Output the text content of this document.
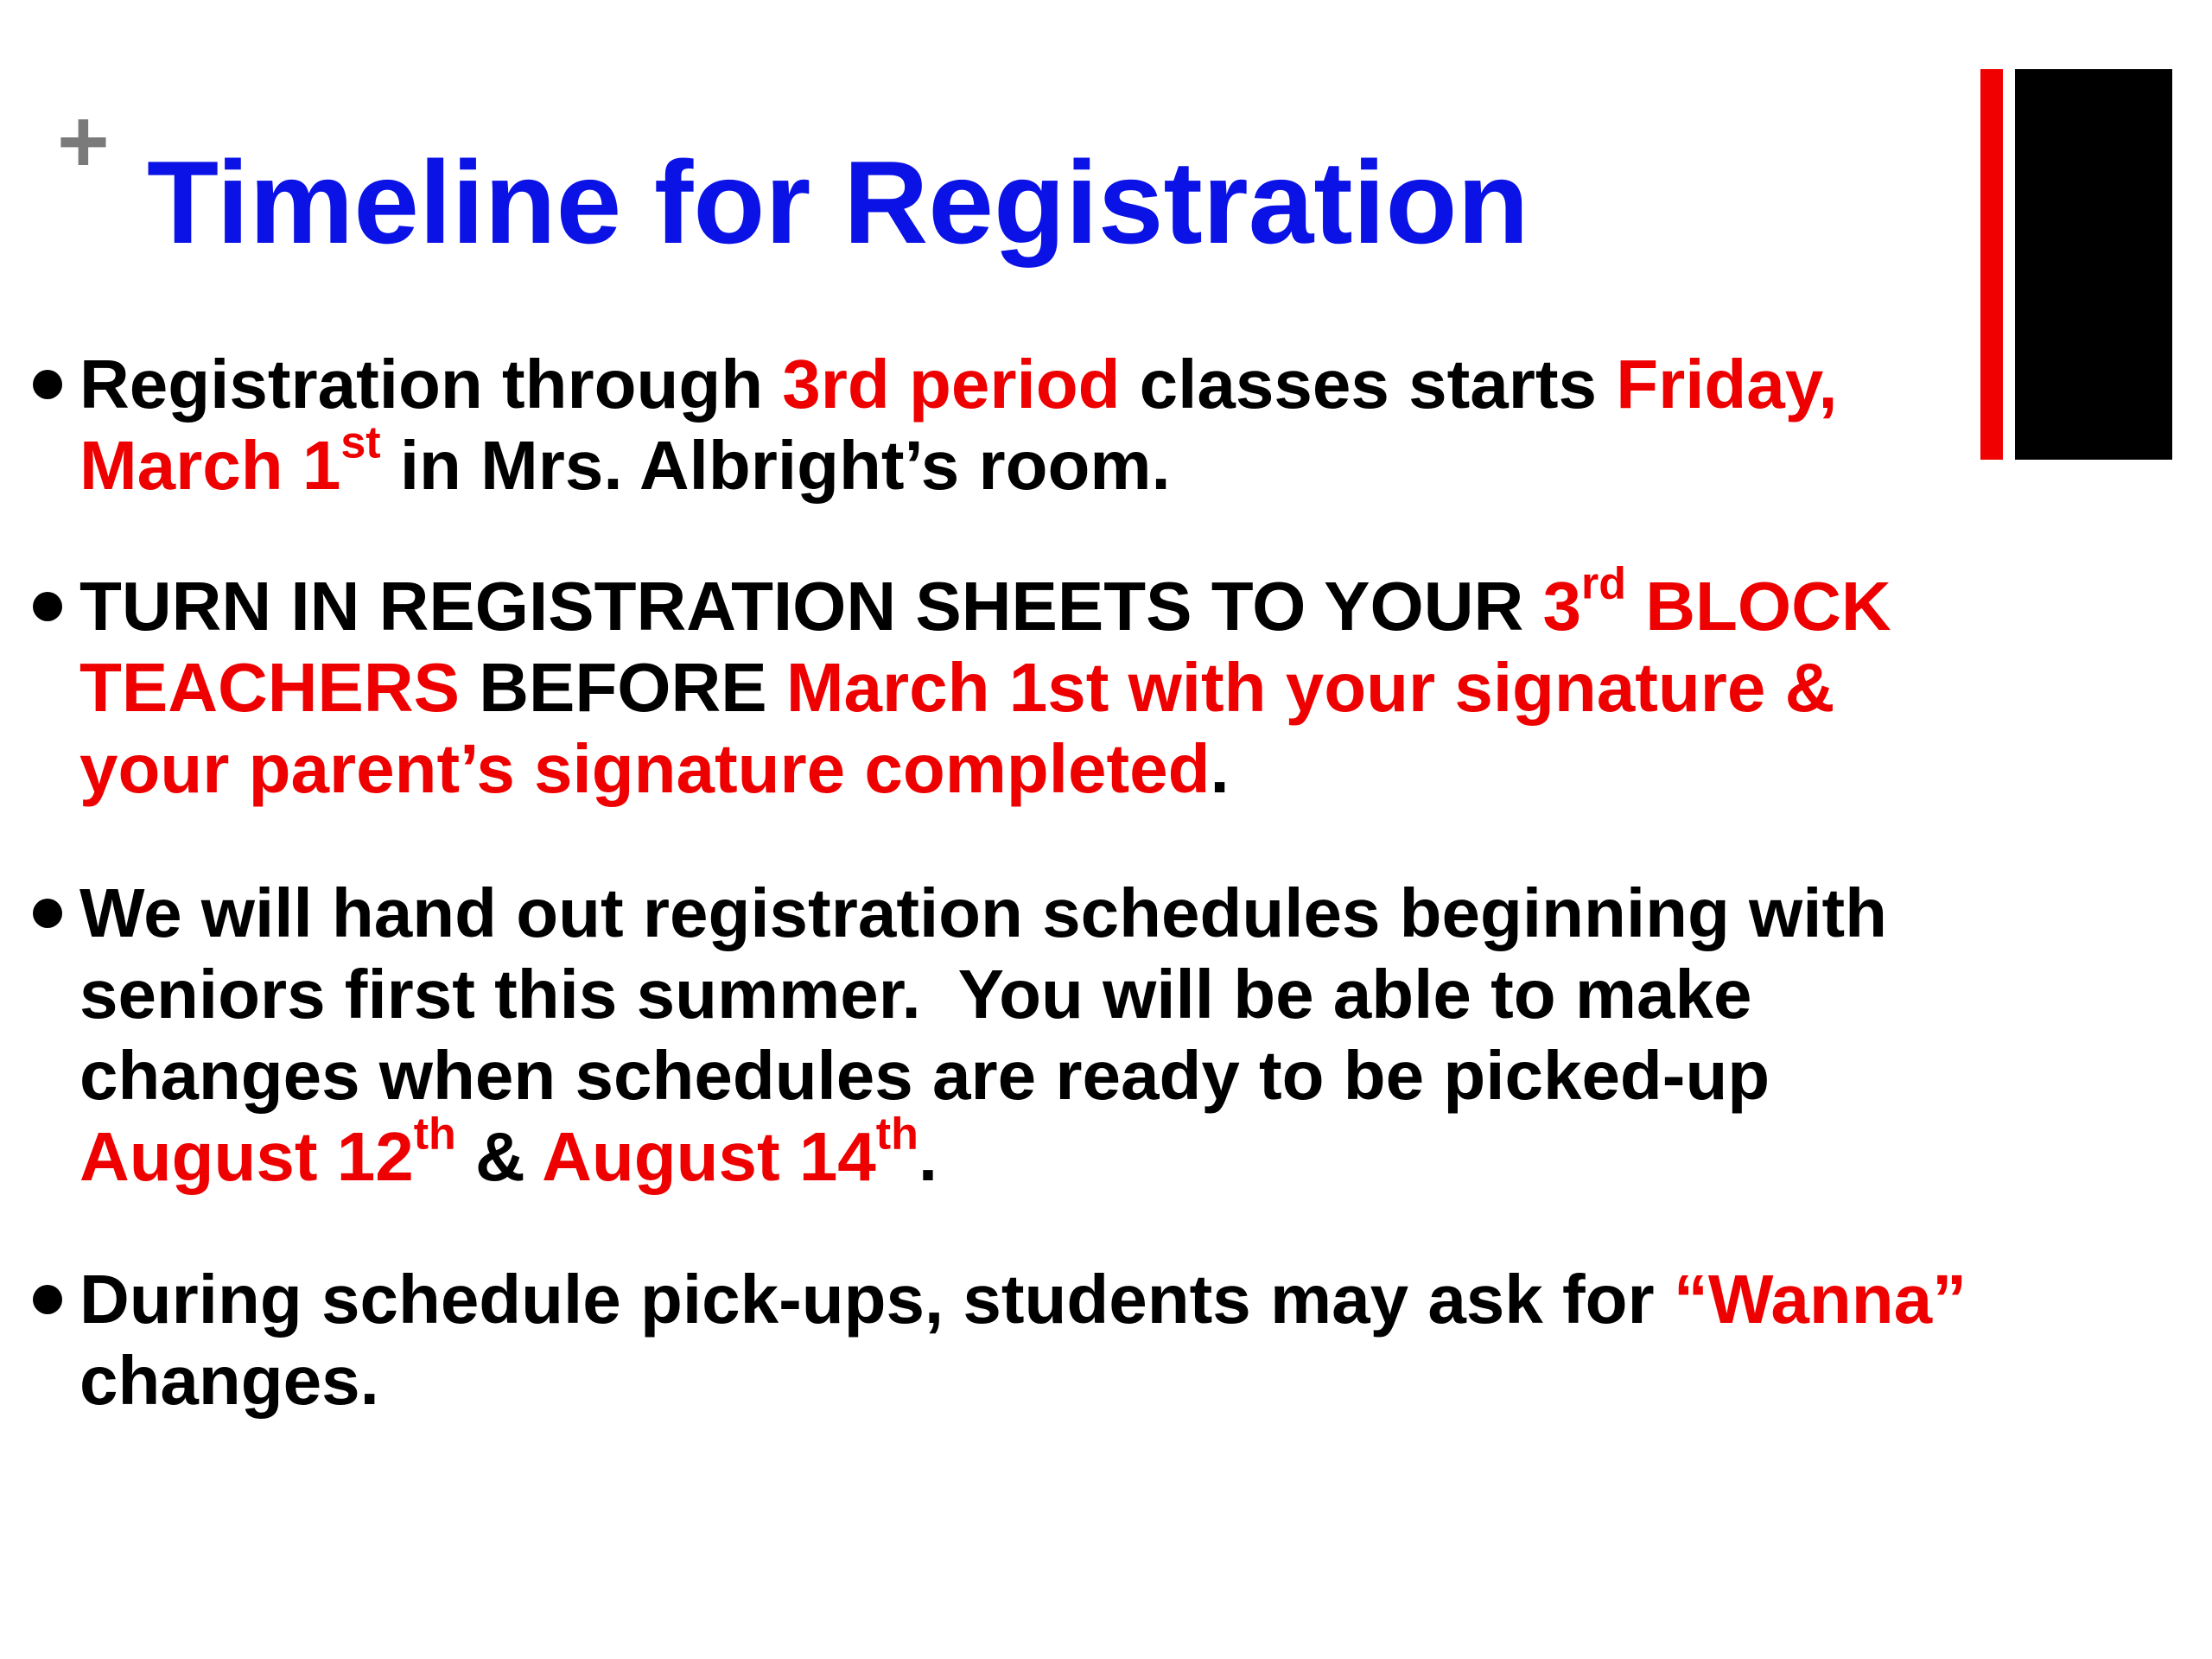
+ Timeline for Registration
Registration through 3rd period classes starts Friday,
March 1st in Mrs. Albright’s room.
TURN IN REGISTRATION SHEETS TO YOUR 3rd BLOCK
TEACHERS BEFORE March 1st with your signature &
your parent’s signature completed.
We will hand out registration schedules beginning with
seniors first this summer.  You will be able to make
changes when schedules are ready to be picked-up
August 12th & August 14th.
During schedule pick-ups, students may ask for “Wanna”
changes.
